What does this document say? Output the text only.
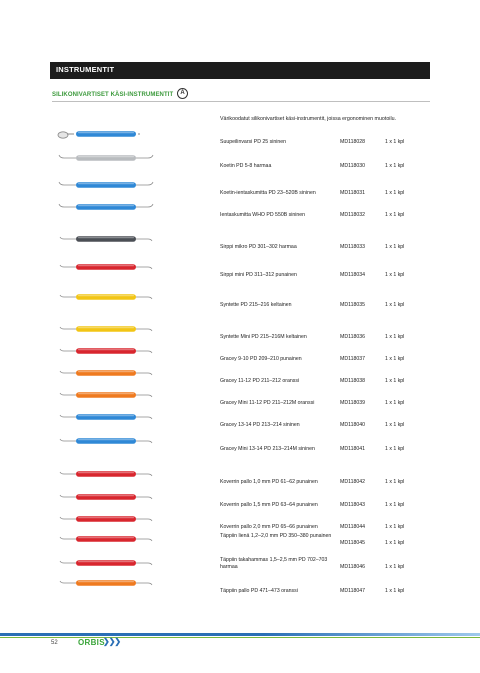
INSTRUMENTIT
SILIKONIVARTISET KÄSI-INSTRUMENTIT	A
Värikoodatut silikonivartiset käsi-instrumentit, joissa ergonominen muotoilu.
Suupeilinvarsi PD 25 sininen	MD118028	1 x 1 kpl
Koetin PD 5-8 harmaa	MD118030	1 x 1 kpl
Koetin-ientaskumitta PD 23–520B sininen	MD118031	1 x 1 kpl
Ientaskumitta WHO PD 550B sininen	MD118032	1 x 1 kpl
Sirppi mikro PD 301–302 harmaa	MD118033	1 x 1 kpl
Sirppi mini PD 311–312 punainen	MD118034	1 x 1 kpl
Syntette PD 215–216 keltainen	MD118035	1 x 1 kpl
Syntette Mini PD 215–216M keltainen	MD118036	1 x 1 kpl
Gracey 9-10 PD 209–210 punainen	MD118037	1 x 1 kpl
Gracey 11-12 PD 211–212 oranssi	MD118038	1 x 1 kpl
Gracey Mini 11-12 PD 211–212M oranssi	MD118039	1 x 1 kpl
Gracey 13-14 PD 213–214 sininen	MD118040	1 x 1 kpl
Gracey Mini 13-14 PD 213–214M sininen	MD118041	1 x 1 kpl
Koverrin pallo 1,0 mm PD 61–62 punainen	MD118042	1 x 1 kpl
Koverrin pallo 1,5 mm PD 63–64 punainen	MD118043	1 x 1 kpl
Koverrin pallo 2,0 mm PD 65–66 punainen	MD118044	1 x 1 kpl
Täppiin lienä 1,2–2,0 mm PD 350–380 punainen
MD118045	1 x 1 kpl
Täppiin takahammas 1,5–2,5 mm PD 702–703 harmaa	MD118046	1 x 1 kpl
Täppiin pallo PD 471–473 oranssi	MD118047	1 x 1 kpl
52	ORBIS
❯❯❯
